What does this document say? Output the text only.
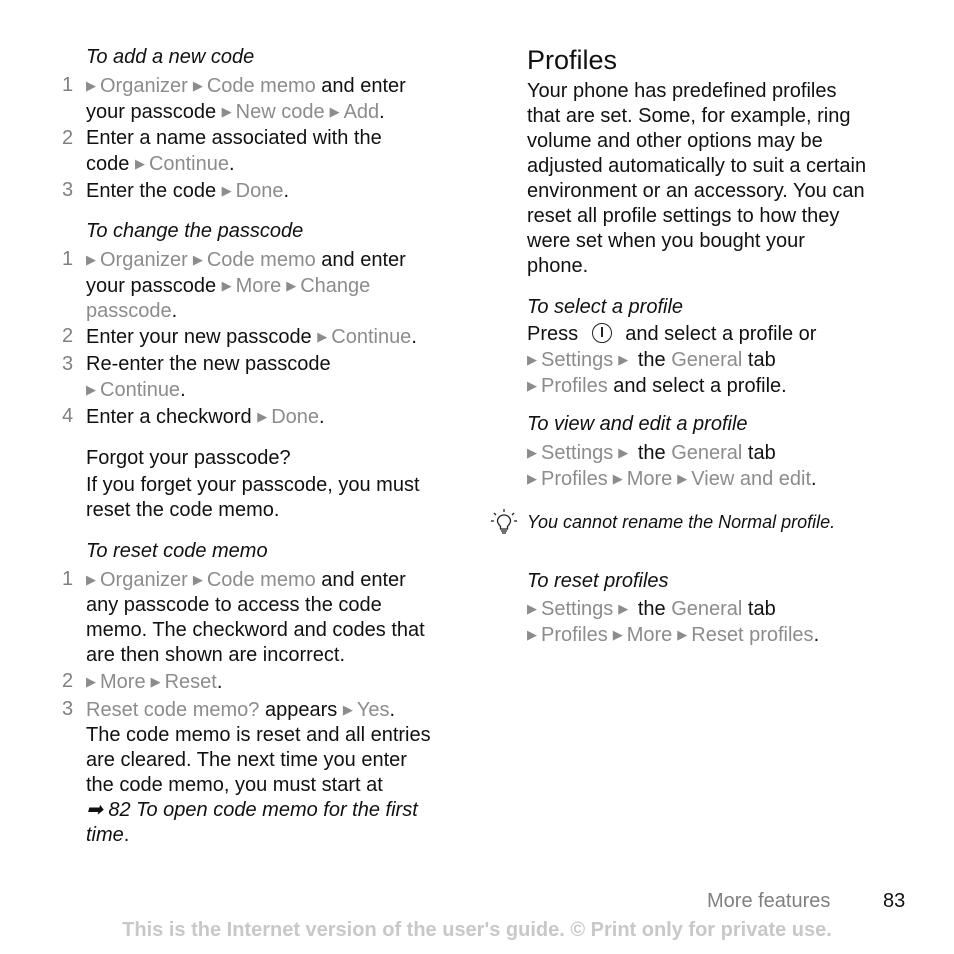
To add a new code
1 ▶ Organizer ▶ Code memo and enter
your passcode ▶ New code ▶ Add.
2 Enter a name associated with the
code ▶ Continue.
3 Enter the code ▶ Done.
To change the passcode
1 ▶ Organizer ▶ Code memo and enter
your passcode ▶ More ▶ Change
passcode.
2 Enter your new passcode ▶ Continue.
3 Re-enter the new passcode
▶ Continue.
4 Enter a checkword ▶ Done.
Forgot your passcode?
If you forget your passcode, you must
reset the code memo.
To reset code memo
1 ▶ Organizer ▶ Code memo and enter
any passcode to access the code
memo. The checkword and codes that
are then shown are incorrect.
2 ▶ More ▶ Reset.
3 Reset code memo? appears ▶ Yes.
The code memo is reset and all entries
are cleared. The next time you enter
the code memo, you must start at
➡ 82 To open code memo for the first
time.
Profiles
Your phone has predefined profiles
that are set. Some, for example, ring
volume and other options may be
adjusted automatically to suit a certain
environment or an accessory. You can
reset all profile settings to how they
were set when you bought your
phone.
To select a profile
Press  and select a profile or
▶ Settings ▶ the General tab
▶ Profiles and select a profile.
To view and edit a profile
▶ Settings ▶ the General tab
▶ Profiles ▶ More ▶ View and edit.
You cannot rename the Normal profile.
To reset profiles
▶ Settings ▶ the General tab
▶ Profiles ▶ More ▶ Reset profiles.
More features	83
This is the Internet version of the user's guide. © Print only for private use.
